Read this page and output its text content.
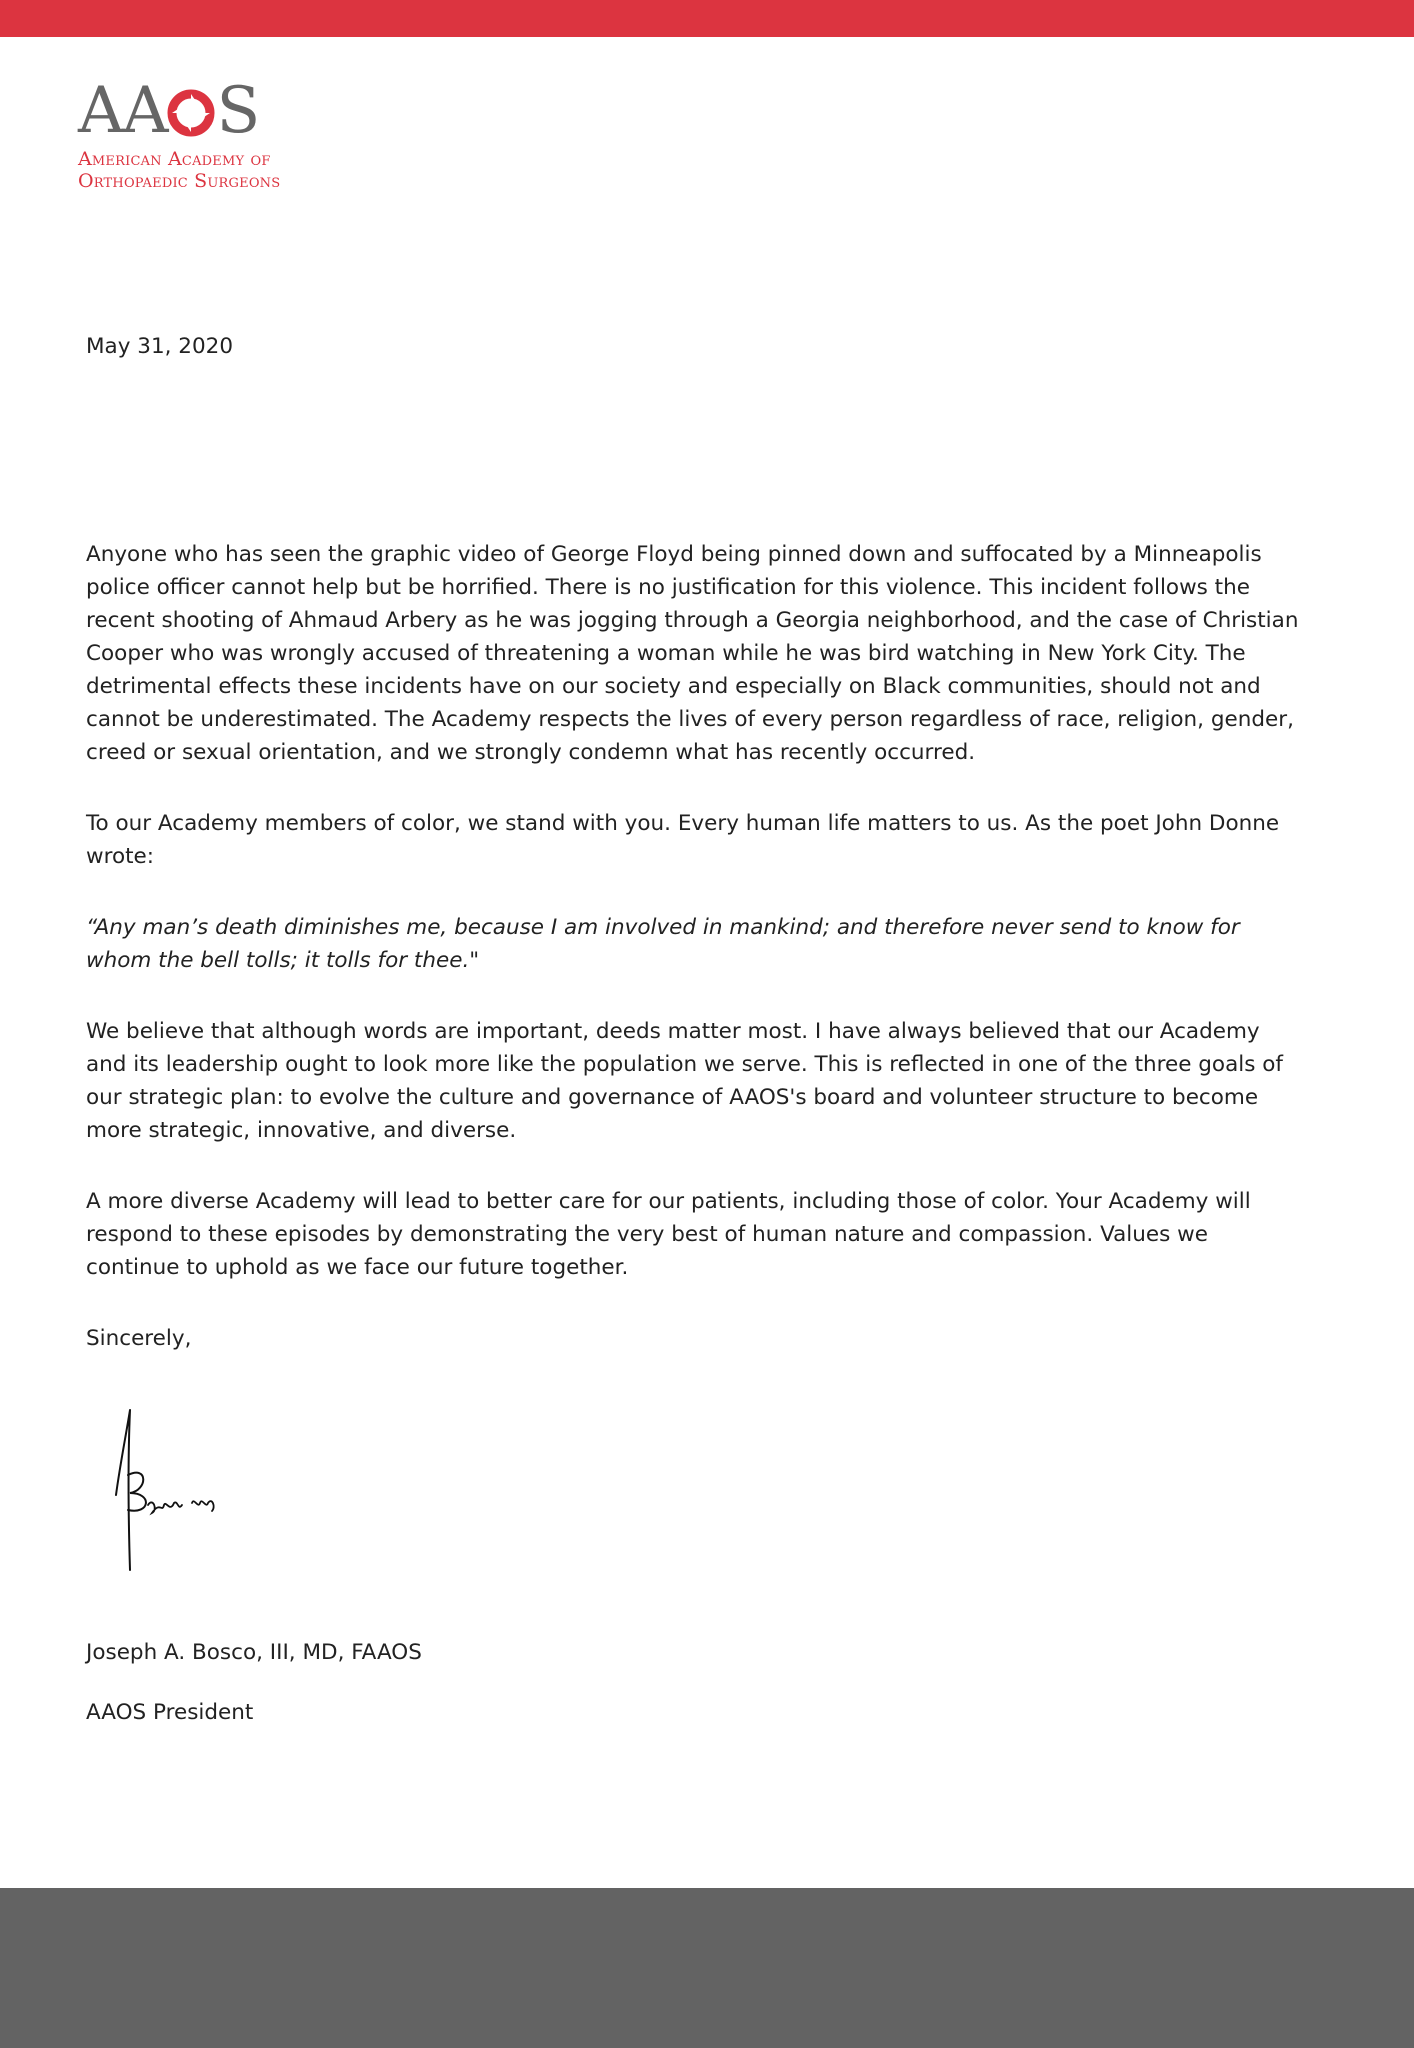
AA S
American Academy of
Orthopaedic Surgeons

May 31, 2020

Anyone who has seen the graphic video of George Floyd being pinned down and suffocated by a Minneapolis police officer cannot help but be horrified. There is no justification for this violence. This incident follows the recent shooting of Ahmaud Arbery as he was jogging through a Georgia neighborhood, and the case of Christian Cooper who was wrongly accused of threatening a woman while he was bird watching in New York City. The detrimental effects these incidents have on our society and especially on Black communities, should not and cannot be underestimated. The Academy respects the lives of every person regardless of race, religion, gender, creed or sexual orientation, and we strongly condemn what has recently occurred.

To our Academy members of color, we stand with you. Every human life matters to us. As the poet John Donne wrote:

“Any man’s death diminishes me, because I am involved in mankind; and therefore never send to know for whom the bell tolls; it tolls for thee."

We believe that although words are important, deeds matter most. I have always believed that our Academy and its leadership ought to look more like the population we serve. This is reflected in one of the three goals of our strategic plan: to evolve the culture and governance of AAOS's board and volunteer structure to become more strategic, innovative, and diverse.

A more diverse Academy will lead to better care for our patients, including those of color. Your Academy will respond to these episodes by demonstrating the very best of human nature and compassion. Values we continue to uphold as we face our future together.

Sincerely,

Joseph A. Bosco, III, MD, FAAOS

AAOS President
